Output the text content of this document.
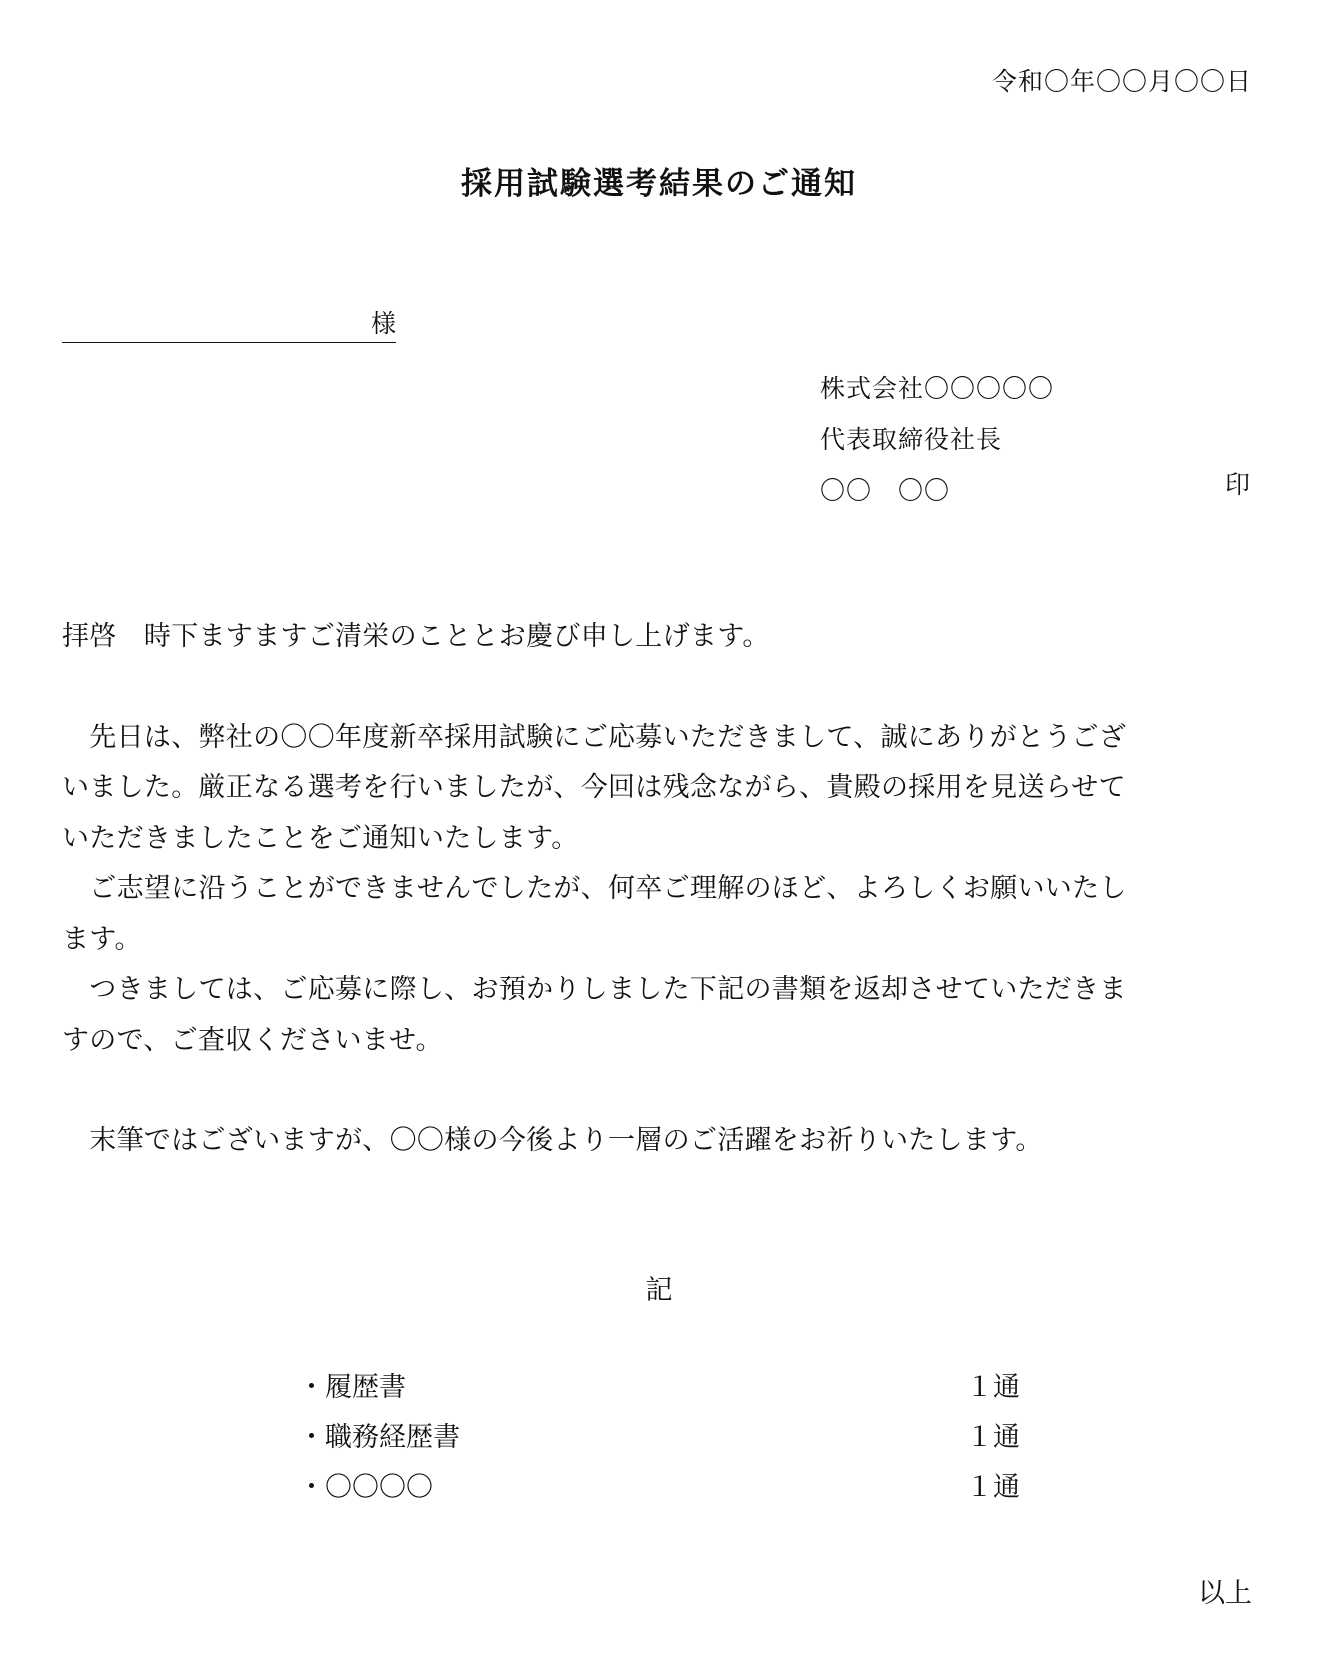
令和〇年〇〇月〇〇日
採用試験選考結果のご通知
様
株式会社〇〇〇〇〇
代表取締役社長
〇〇　〇〇	印

拝啓　時下ますますご清栄のこととお慶び申し上げます。

　先日は、弊社の〇〇年度新卒採用試験にご応募いただきまして、誠にありがとうござ

いました。厳正なる選考を行いましたが、今回は残念ながら、貴殿の採用を見送らせて

いただきましたことをご通知いたします。

　ご志望に沿うことができませんでしたが、何卒ご理解のほど、よろしくお願いいたし

ます。

　つきましては、ご応募に際し、お預かりしました下記の書類を返却させていただきま

すので、ご査収くださいませ。

　末筆ではございますが、〇〇様の今後より一層のご活躍をお祈りいたします。

記
・履歴書	１通
・職務経歴書	１通
・〇〇〇〇	１通
以上
